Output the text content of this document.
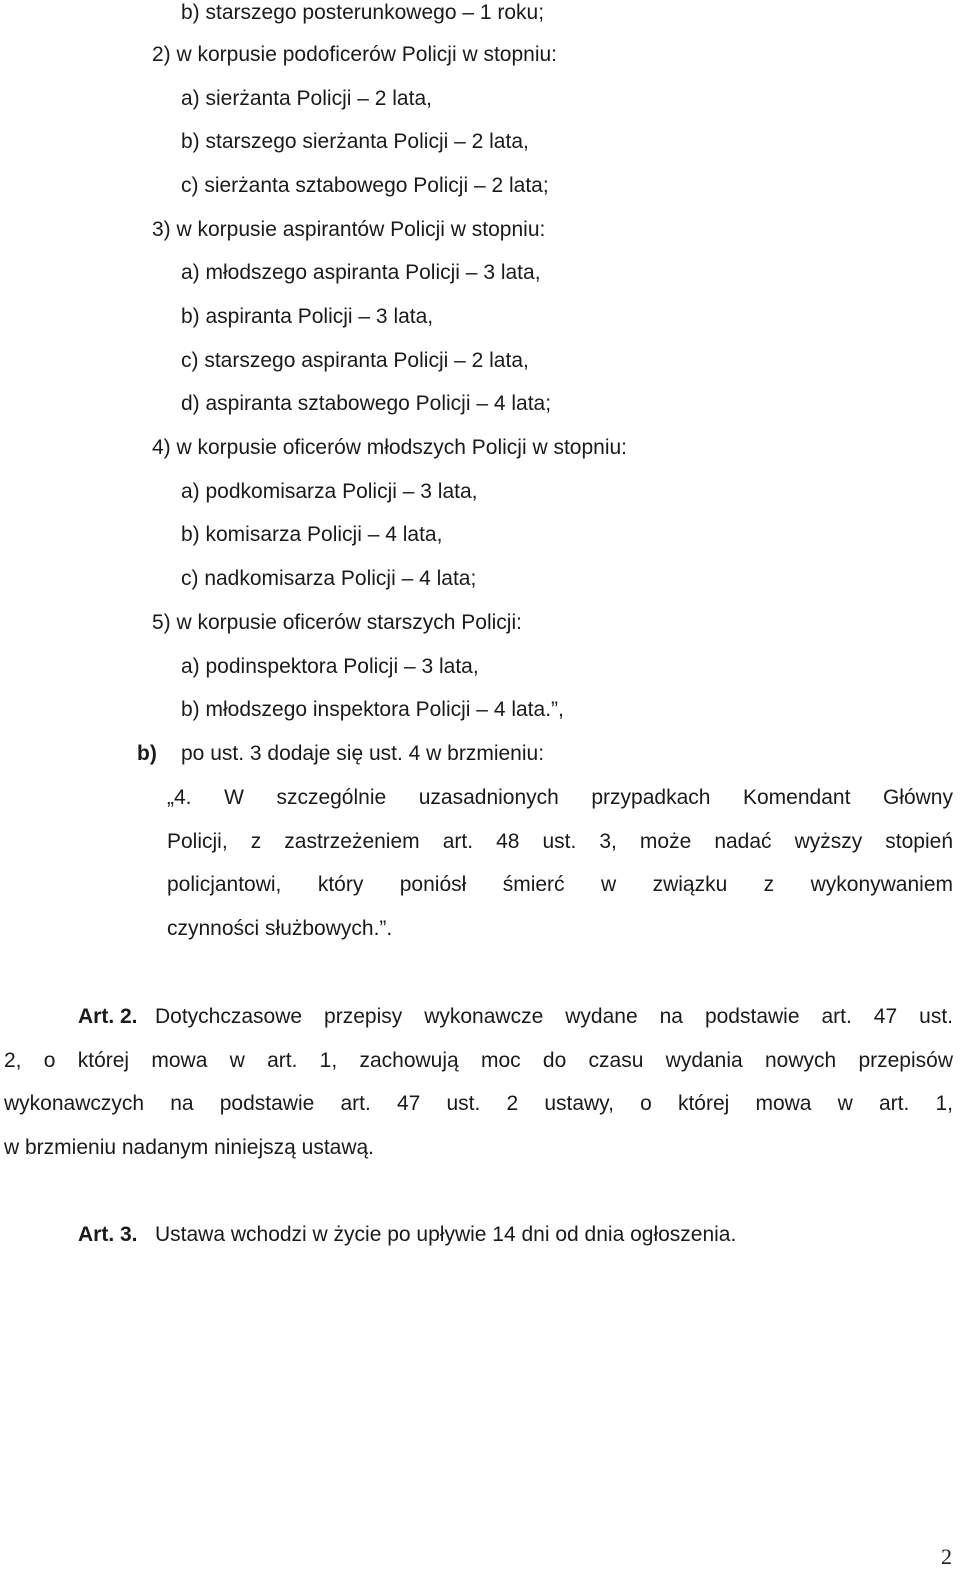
b) starszego posterunkowego – 1 roku;
2) w korpusie podoficerów Policji w stopniu:
a) sierżanta Policji – 2 lata,
b) starszego sierżanta Policji – 2 lata,
c) sierżanta sztabowego Policji – 2 lata;
3) w korpusie aspirantów Policji w stopniu:
a) młodszego aspiranta Policji – 3 lata,
b) aspiranta Policji – 3 lata,
c) starszego aspiranta Policji – 2 lata,
d) aspiranta sztabowego Policji – 4 lata;
4) w korpusie oficerów młodszych Policji w stopniu:
a) podkomisarza Policji – 3 lata,
b) komisarza Policji – 4 lata,
c) nadkomisarza Policji – 4 lata;
5) w korpusie oficerów starszych Policji:
a) podinspektora Policji – 3 lata,
b) młodszego inspektora Policji – 4 lata.”,
b) po ust. 3 dodaje się ust. 4 w brzmieniu:
„4. W szczególnie uzasadnionych przypadkach Komendant Główny
Policji, z zastrzeżeniem art. 48 ust. 3, może nadać wyższy stopień
policjantowi, który poniósł śmierć w związku z wykonywaniem
czynności służbowych.”.
Art. 2. Dotychczasowe przepisy wykonawcze wydane na podstawie art. 47 ust.
2, o której mowa w art. 1, zachowują moc do czasu wydania nowych przepisów
wykonawczych na podstawie art. 47 ust. 2 ustawy, o której mowa w art. 1,
w brzmieniu nadanym niniejszą ustawą.
Art. 3. Ustawa wchodzi w życie po upływie 14 dni od dnia ogłoszenia.
2
